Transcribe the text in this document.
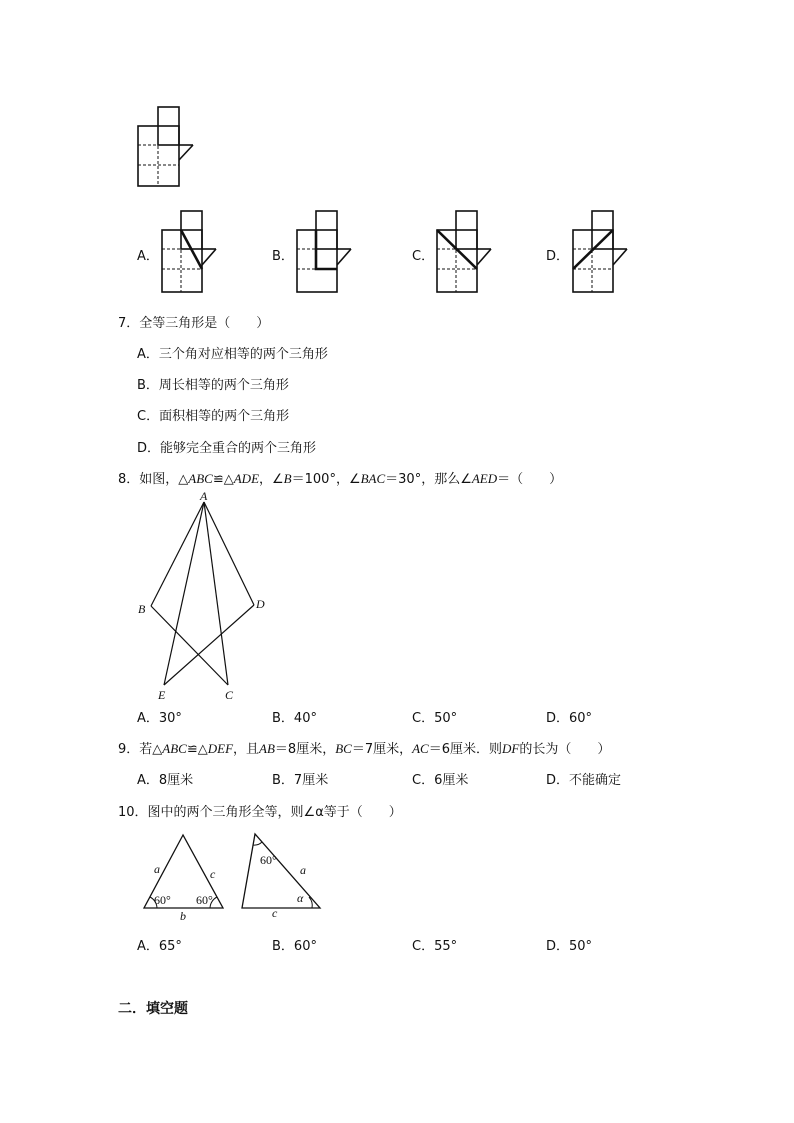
A．	B．	C．	D．
7．全等三角形是（　　）
A．三个角对应相等的两个三角形
B．周长相等的两个三角形
C．面积相等的两个三角形
D．能够完全重合的两个三角形
8．如图，△ABC≌△ADE，∠B＝100°，∠BAC＝30°，那么∠AED＝（　　）
A
B	D
E	C
A．30°	B．40°	C．50°	D．60°
9．若△ABC≌△DEF，且AB＝8厘米，BC＝7厘米，AC＝6厘米．则DF的长为（　　）
A．8厘米	B．7厘米	C．6厘米	D．不能确定
10．图中的两个三角形全等，则∠α等于（　　）
a	c
b
60° 60°
60°
a
α
c
A．65°	B．60°	C．55°	D．50°
二．填空题
